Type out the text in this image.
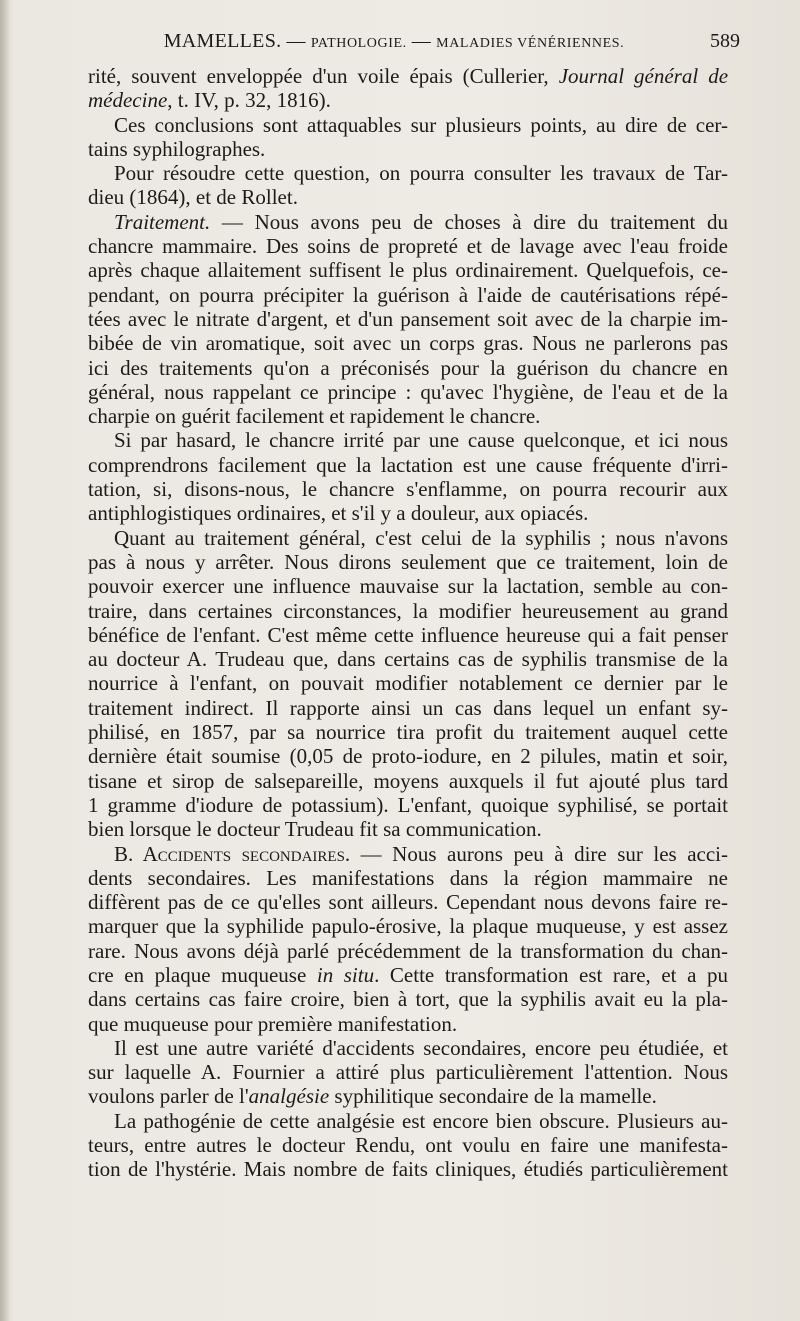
MAMELLES. — PATHOLOGIE. — MALADIES VÉNÉRIENNES.	589
rité, souvent enveloppée d'un voile épais (Cullerier, Journal général de
médecine, t. IV, p. 32, 1816).
Ces conclusions sont attaquables sur plusieurs points, au dire de cer-
tains syphilographes.
Pour résoudre cette question, on pourra consulter les travaux de Tar-
dieu (1864), et de Rollet.
Traitement. — Nous avons peu de choses à dire du traitement du
chancre mammaire. Des soins de propreté et de lavage avec l'eau froide
après chaque allaitement suffisent le plus ordinairement. Quelquefois, ce-
pendant, on pourra précipiter la guérison à l'aide de cautérisations répé-
tées avec le nitrate d'argent, et d'un pansement soit avec de la charpie im-
bibée de vin aromatique, soit avec un corps gras. Nous ne parlerons pas
ici des traitements qu'on a préconisés pour la guérison du chancre en
général, nous rappelant ce principe : qu'avec l'hygiène, de l'eau et de la
charpie on guérit facilement et rapidement le chancre.
Si par hasard, le chancre irrité par une cause quelconque, et ici nous
comprendrons facilement que la lactation est une cause fréquente d'irri-
tation, si, disons-nous, le chancre s'enflamme, on pourra recourir aux
antiphlogistiques ordinaires, et s'il y a douleur, aux opiacés.
Quant au traitement général, c'est celui de la syphilis ; nous n'avons
pas à nous y arrêter. Nous dirons seulement que ce traitement, loin de
pouvoir exercer une influence mauvaise sur la lactation, semble au con-
traire, dans certaines circonstances, la modifier heureusement au grand
bénéfice de l'enfant. C'est même cette influence heureuse qui a fait penser
au docteur A. Trudeau que, dans certains cas de syphilis transmise de la
nourrice à l'enfant, on pouvait modifier notablement ce dernier par le
traitement indirect. Il rapporte ainsi un cas dans lequel un enfant sy-
philisé, en 1857, par sa nourrice tira profit du traitement auquel cette
dernière était soumise (0,05 de proto-iodure, en 2 pilules, matin et soir,
tisane et sirop de salsepareille, moyens auxquels il fut ajouté plus tard
1 gramme d'iodure de potassium). L'enfant, quoique syphilisé, se portait
bien lorsque le docteur Trudeau fit sa communication.
B. Accidents secondaires. — Nous aurons peu à dire sur les acci-
dents secondaires. Les manifestations dans la région mammaire ne
diffèrent pas de ce qu'elles sont ailleurs. Cependant nous devons faire re-
marquer que la syphilide papulo-érosive, la plaque muqueuse, y est assez
rare. Nous avons déjà parlé précédemment de la transformation du chan-
cre en plaque muqueuse in situ. Cette transformation est rare, et a pu
dans certains cas faire croire, bien à tort, que la syphilis avait eu la pla-
que muqueuse pour première manifestation.
Il est une autre variété d'accidents secondaires, encore peu étudiée, et
sur laquelle A. Fournier a attiré plus particulièrement l'attention. Nous
voulons parler de l'analgésie syphilitique secondaire de la mamelle.
La pathogénie de cette analgésie est encore bien obscure. Plusieurs au-
teurs, entre autres le docteur Rendu, ont voulu en faire une manifesta-
tion de l'hystérie. Mais nombre de faits cliniques, étudiés particulièrement
